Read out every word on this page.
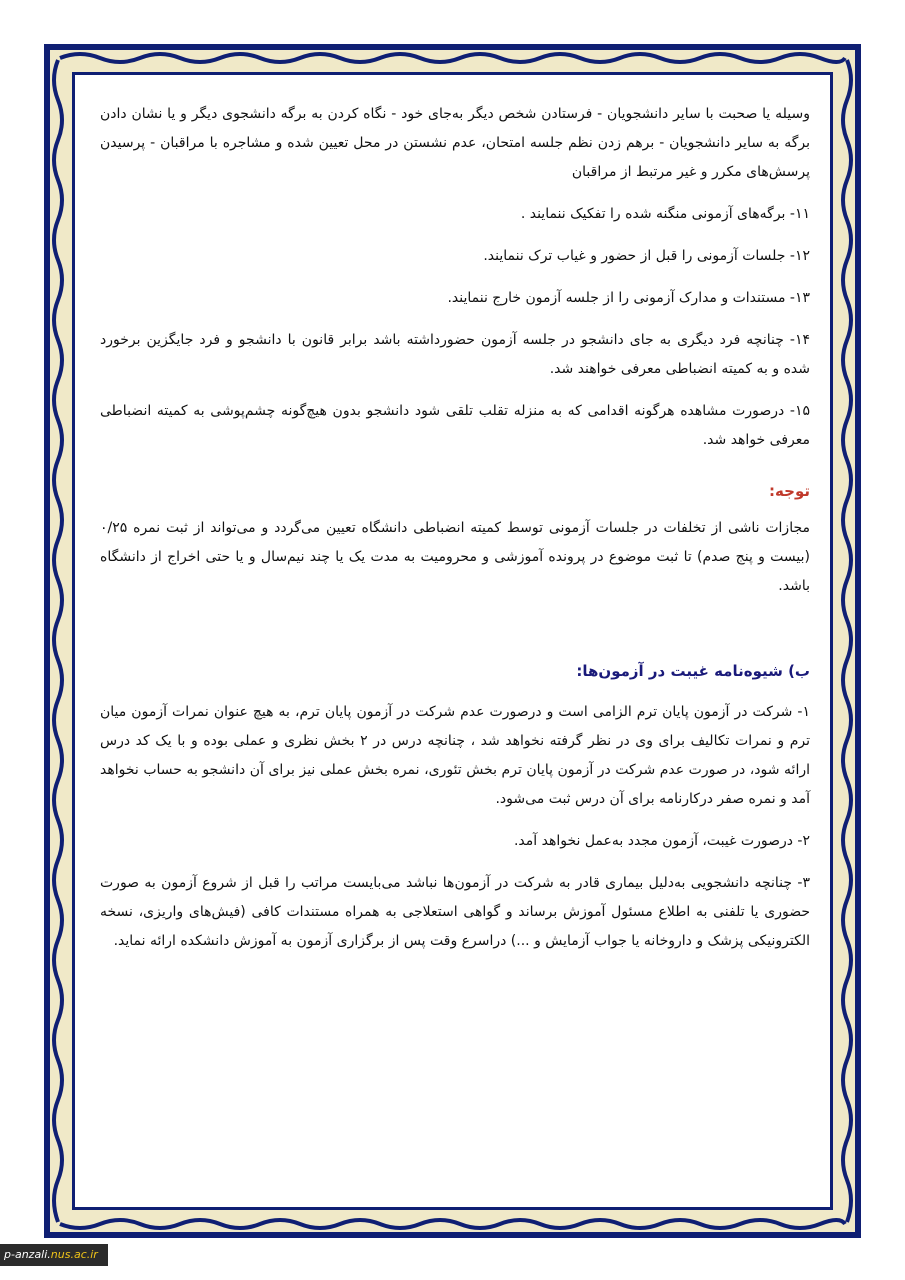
وسیله یا صحبت با سایر دانشجویان - فرستادن شخص دیگر به‌جای خود - نگاه کردن به برگه دانشجوی دیگر و یا نشان دادن برگه به سایر دانشجویان - برهم زدن نظم جلسه امتحان، عدم نشستن در محل تعیین شده و مشاجره با مراقبان - پرسیدن پرسش‌های مکرر و غیر مرتبط از مراقبان

۱۱- برگه‌های آزمونی منگنه شده را تفکیک ننمایند .

۱۲- جلسات آزمونی را قبل از حضور و غیاب ترک ننمایند.

۱۳- مستندات و مدارک آزمونی را از جلسه آزمون خارج ننمایند.

۱۴- چنانچه فرد دیگری به جای دانشجو در جلسه آزمون حضورداشته باشد برابر قانون با دانشجو و فرد جایگزین برخورد شده و به کمیته انضباطی معرفی خواهند شد.

۱۵- درصورت مشاهده هرگونه اقدامی که به منزله تقلب تلقی شود دانشجو بدون هیچ‌گونه چشم‌پوشی به کمیته انضباطی معرفی خواهد شد.

توجه:

مجازات ناشی از تخلفات در جلسات آزمونی توسط کمیته انضباطی دانشگاه تعیین می‌گردد و می‌تواند از ثبت نمره ۰/۲۵ (بیست و پنج صدم) تا ثبت موضوع در پرونده آموزشی و محرومیت به مدت یک یا چند نیم‌سال و یا حتی اخراج از دانشگاه باشد.

ب) شیوه‌نامه غیبت در آزمون‌ها:

۱- شرکت در آزمون پایان ترم الزامی است و درصورت عدم شرکت در آزمون پایان ترم، به هیچ عنوان نمرات آزمون میان ترم و نمرات تکالیف برای وی در نظر گرفته نخواهد شد ، چنانچه درس در ۲ بخش نظری و عملی بوده و با یک کد درس ارائه شود، در صورت عدم شرکت در آزمون پایان ترم بخش تئوری، نمره بخش عملی نیز برای آن دانشجو به حساب نخواهد آمد و نمره صفر درکارنامه برای آن درس ثبت می‌شود.

۲- درصورت غیبت، آزمون مجدد به‌عمل نخواهد آمد.

۳- چنانچه دانشجویی به‌دلیل بیماری قادر به شرکت در آزمون‌ها نباشد می‌بایست مراتب را قبل از شروع آزمون به صورت حضوری یا تلفنی به اطلاع مسئول آموزش برساند و گواهی استعلاجی به همراه مستندات کافی (فیش‌های واریزی، نسخه الکترونیکی پزشک و داروخانه یا جواب آزمایش و ...) دراسرع وقت پس از برگزاری آزمون به آموزش دانشکده ارائه نماید.

p-anzali.nus.ac.ir
